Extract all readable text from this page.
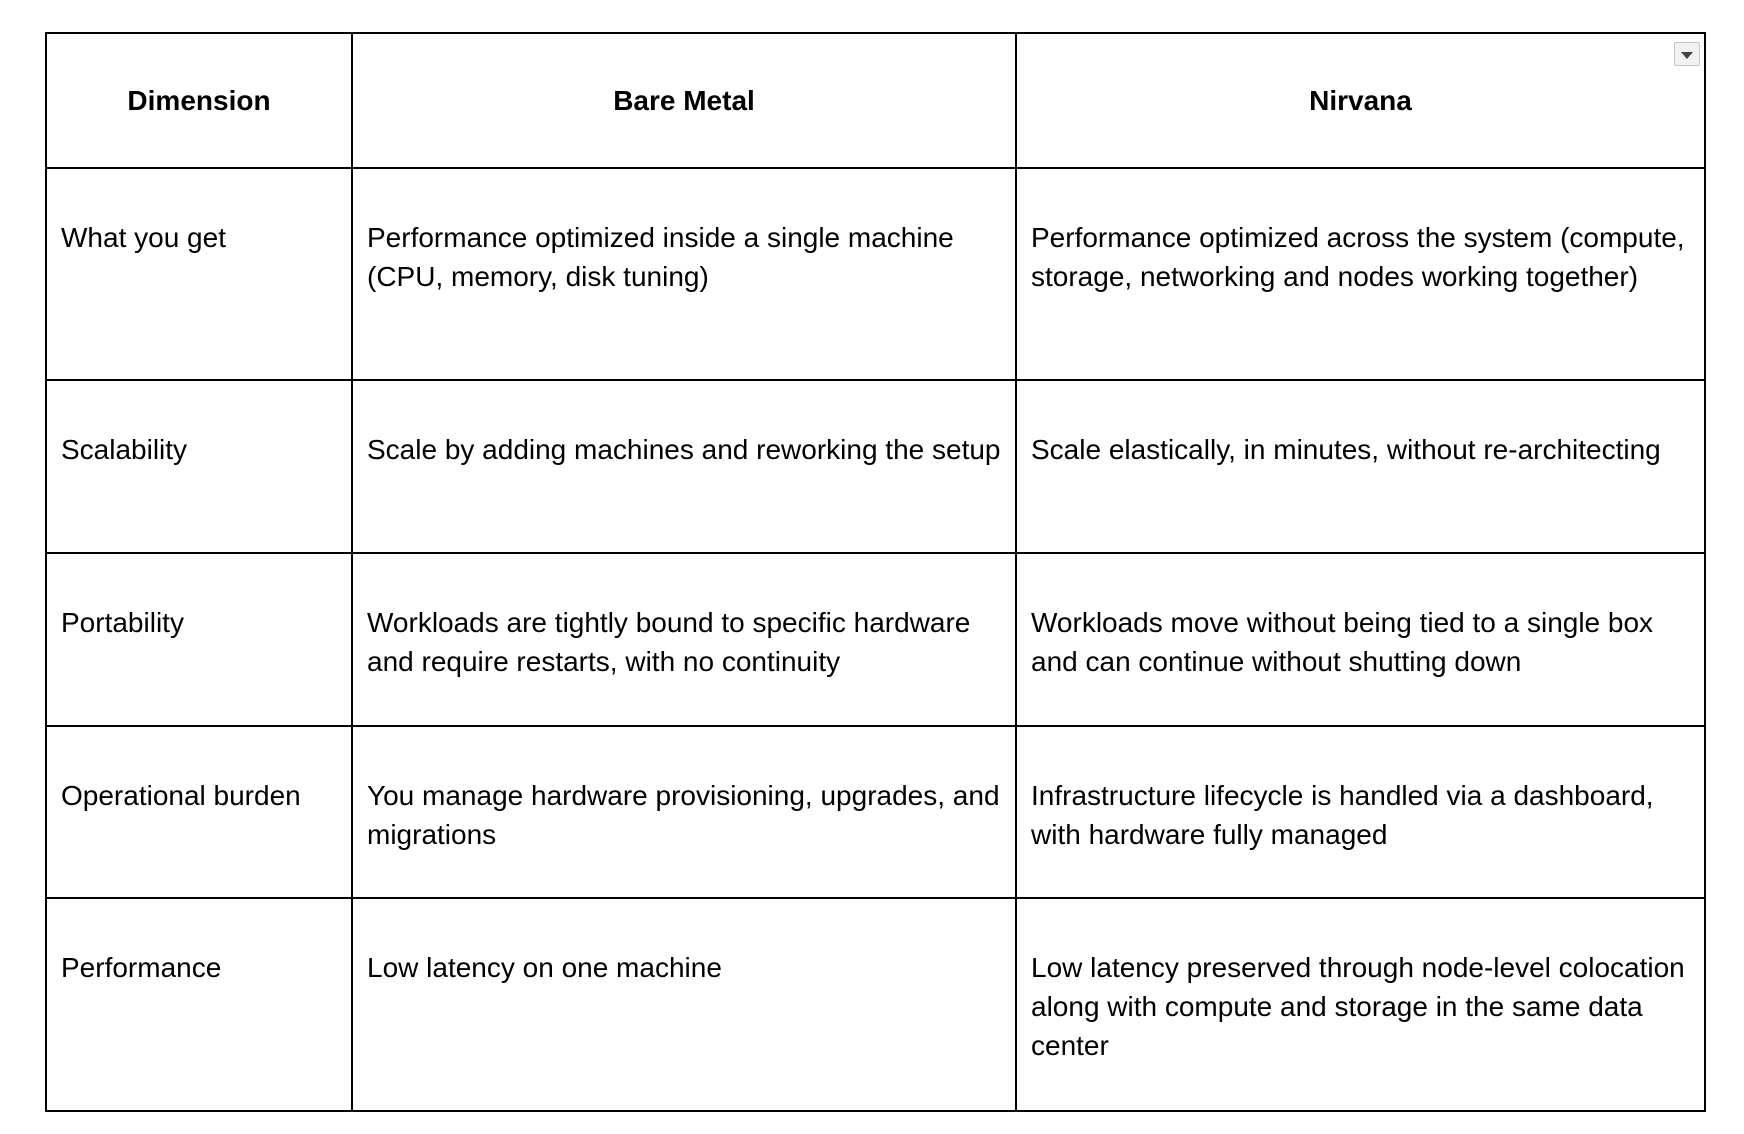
Dimension	Bare Metal	Nirvana
What you get	Performance optimized inside a single machine (CPU, memory, disk tuning)	Performance optimized across the system (compute, storage, networking and nodes working together)
Scalability	Scale by adding machines and reworking the setup	Scale elastically, in minutes, without re-architecting
Portability	Workloads are tightly bound to specific hardware and require restarts, with no continuity	Workloads move without being tied to a single box and can continue without shutting down
Operational burden	You manage hardware provisioning, upgrades, and migrations	Infrastructure lifecycle is handled via a dashboard, with hardware fully managed
Performance	Low latency on one machine	Low latency preserved through node-level colocation along with compute and storage in the same data center
